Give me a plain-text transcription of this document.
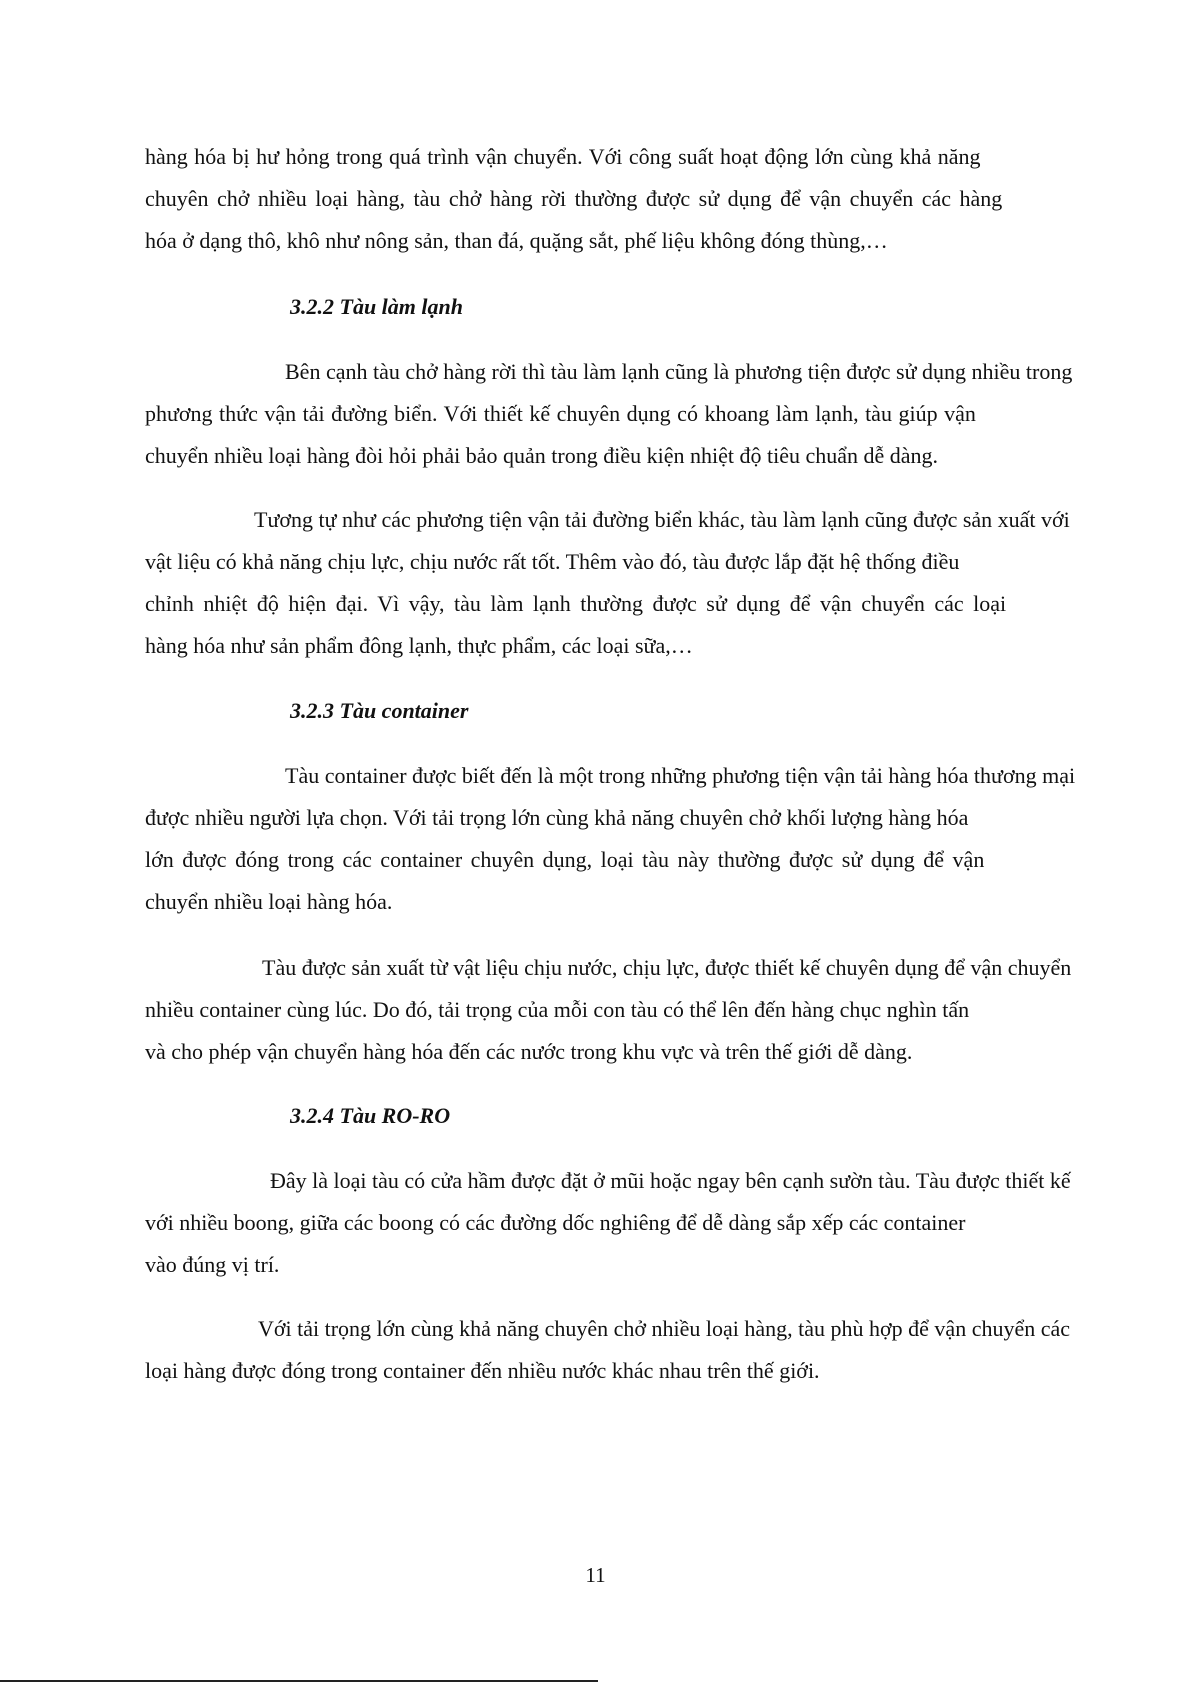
hàng hóa bị hư hỏng trong quá trình vận chuyển. Với công suất hoạt động lớn cùng khả năng
chuyên chở nhiều loại hàng, tàu chở hàng rời thường được sử dụng để vận chuyển các hàng
hóa ở dạng thô, khô như nông sản, than đá, quặng sắt, phế liệu không đóng thùng,…
3.2.2 Tàu làm lạnh
Bên cạnh tàu chở hàng rời thì tàu làm lạnh cũng là phương tiện được sử dụng nhiều trong
phương thức vận tải đường biển. Với thiết kế chuyên dụng có khoang làm lạnh, tàu giúp vận
chuyển nhiều loại hàng đòi hỏi phải bảo quản trong điều kiện nhiệt độ tiêu chuẩn dễ dàng.
Tương tự như các phương tiện vận tải đường biển khác, tàu làm lạnh cũng được sản xuất với
vật liệu có khả năng chịu lực, chịu nước rất tốt. Thêm vào đó, tàu được lắp đặt hệ thống điều
chỉnh nhiệt độ hiện đại. Vì vậy, tàu làm lạnh thường được sử dụng để vận chuyển các loại
hàng hóa như sản phẩm đông lạnh, thực phẩm, các loại sữa,…
3.2.3 Tàu container
Tàu container được biết đến là một trong những phương tiện vận tải hàng hóa thương mại
được nhiều người lựa chọn. Với tải trọng lớn cùng khả năng chuyên chở khối lượng hàng hóa
lớn được đóng trong các container chuyên dụng, loại tàu này thường được sử dụng để vận
chuyển nhiều loại hàng hóa.
Tàu được sản xuất từ vật liệu chịu nước, chịu lực, được thiết kế chuyên dụng để vận chuyển
nhiều container cùng lúc. Do đó, tải trọng của mỗi con tàu có thể lên đến hàng chục nghìn tấn
và cho phép vận chuyển hàng hóa đến các nước trong khu vực và trên thế giới dễ dàng.
3.2.4 Tàu RO-RO
Đây là loại tàu có cửa hầm được đặt ở mũi hoặc ngay bên cạnh sườn tàu. Tàu được thiết kế
với nhiều boong, giữa các boong có các đường dốc nghiêng để dễ dàng sắp xếp các container
vào đúng vị trí.
Với tải trọng lớn cùng khả năng chuyên chở nhiều loại hàng, tàu phù hợp để vận chuyển các
loại hàng được đóng trong container đến nhiều nước khác nhau trên thế giới.
11
